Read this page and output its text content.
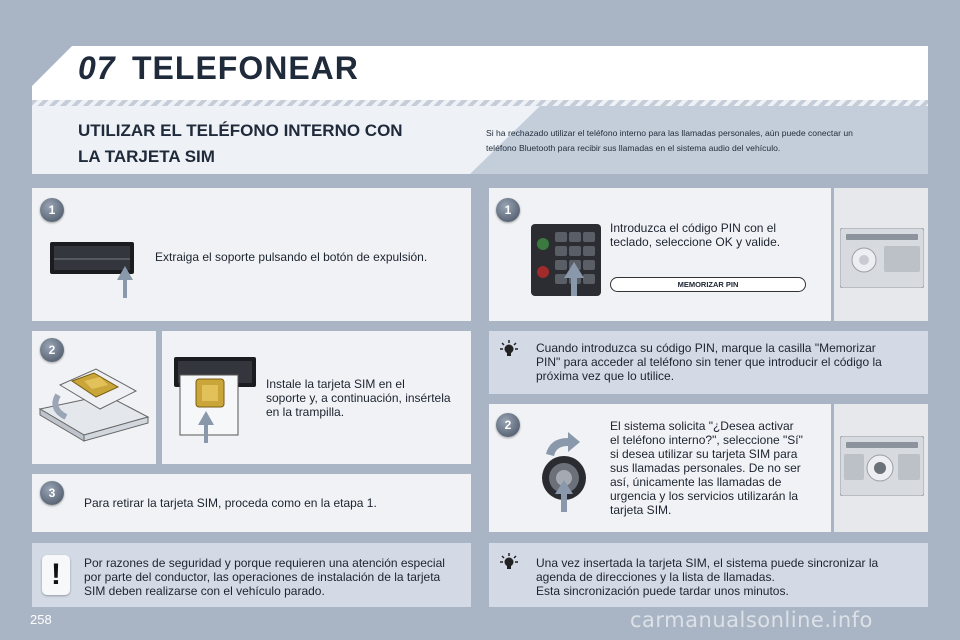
07 TELEFONEAR
UTILIZAR EL TELÉFONO INTERNO CON
LA TARJETA SIM
Si ha rechazado utilizar el teléfono interno para las llamadas personales, aún puede conectar un
teléfono Bluetooth para recibir sus llamadas en el sistema audio del vehículo.
1
Extraiga el soporte pulsando el botón de expulsión.
2
Instale la tarjeta SIM en el
soporte y, a continuación, insértela
en la trampilla.
3
Para retirar la tarjeta SIM, proceda como en la etapa 1.
!	Por razones de seguridad y porque requieren una atención especial
por parte del conductor, las operaciones de instalación de la tarjeta
SIM deben realizarse con el vehículo parado.
1
Introduzca el código PIN con el
teclado, seleccione OK y valide.
MEMORIZAR PIN
Cuando introduzca su código PIN, marque la casilla "Memorizar
PIN" para acceder al teléfono sin tener que introducir el código la
próxima vez que lo utilice.
2	El sistema solicita "¿Desea activar
el teléfono interno?", seleccione "Sí"
si desea utilizar su tarjeta SIM para
sus llamadas personales. De no ser
así, únicamente las llamadas de
urgencia y los servicios utilizarán la
tarjeta SIM.
Una vez insertada la tarjeta SIM, el sistema puede sincronizar la
agenda de direcciones y la lista de llamadas.
Esta sincronización puede tardar unos minutos.
258	carmanualsonline.info
